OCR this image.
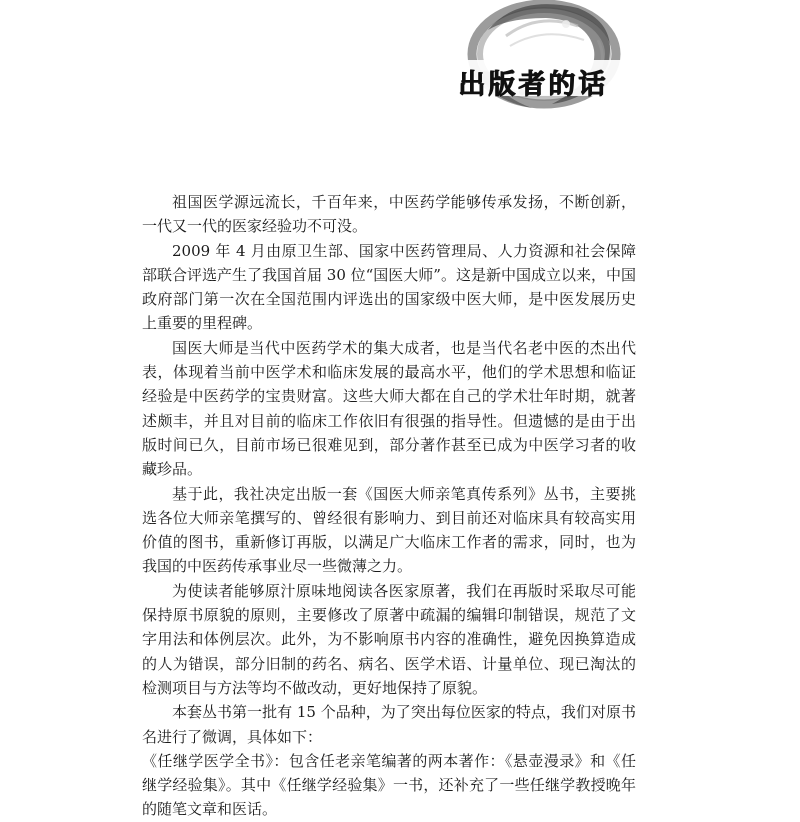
出版者的话

祖国医学源远流长，千百年来，中医药学能够传承发扬，不断创新，一代又一代的医家经验功不可没。

2009 年 4 月由原卫生部、国家中医药管理局、人力资源和社会保障部联合评选产生了我国首届 30 位“国医大师”。这是新中国成立以来，中国政府部门第一次在全国范围内评选出的国家级中医大师，是中医发展历史上重要的里程碑。

国医大师是当代中医药学术的集大成者，也是当代名老中医的杰出代表，体现着当前中医学术和临床发展的最高水平，他们的学术思想和临证经验是中医药学的宝贵财富。这些大师大都在自己的学术壮年时期，就著述颇丰，并且对目前的临床工作依旧有很强的指导性。但遗憾的是由于出版时间已久，目前市场已很难见到，部分著作甚至已成为中医学习者的收藏珍品。

基于此，我社决定出版一套《国医大师亲笔真传系列》丛书，主要挑选各位大师亲笔撰写的、曾经很有影响力、到目前还对临床具有较高实用价值的图书，重新修订再版，以满足广大临床工作者的需求，同时，也为我国的中医药传承事业尽一些微薄之力。

为使读者能够原汁原味地阅读各医家原著，我们在再版时采取尽可能保持原书原貌的原则，主要修改了原著中疏漏的编辑印制错误，规范了文字用法和体例层次。此外，为不影响原书内容的准确性，避免因换算造成的人为错误，部分旧制的药名、病名、医学术语、计量单位、现已淘汰的检测项目与方法等均不做改动，更好地保持了原貌。

本套丛书第一批有 15 个品种，为了突出每位医家的特点，我们对原书名进行了微调，具体如下：

《任继学医学全书》：包含任老亲笔编著的两本著作：《悬壶漫录》和《任继学经验集》。其中《任继学经验集》一书，还补充了一些任继学教授晚年的随笔文章和医话。
